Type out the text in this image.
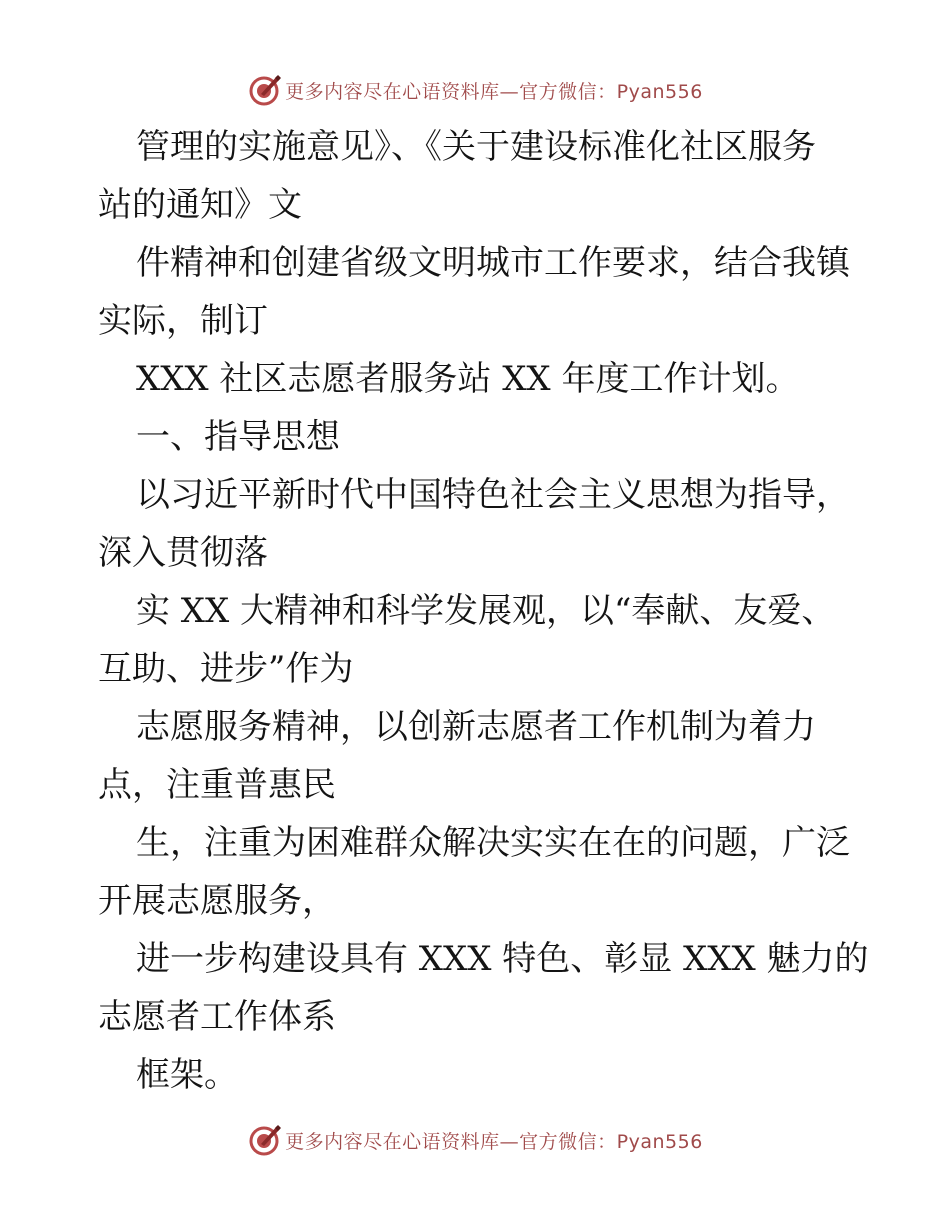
更多内容尽在心语资料库—官方微信：Pyan556

管理的实施意见》、《关于建设标准化社区服务

站的通知》文

件精神和创建省级文明城市工作要求，结合我镇

实际，制订

XXX 社区志愿者服务站 XX 年度工作计划。

一、指导思想

以习近平新时代中国特色社会主义思想为指导，

深入贯彻落

实 XX 大精神和科学发展观，以“奉献、友爱、

互助、进步”作为

志愿服务精神，以创新志愿者工作机制为着力

点，注重普惠民

生，注重为困难群众解决实实在在的问题，广泛

开展志愿服务，

进一步构建设具有 XXX 特色、彰显 XXX 魅力的

志愿者工作体系

框架。

更多内容尽在心语资料库—官方微信：Pyan556
